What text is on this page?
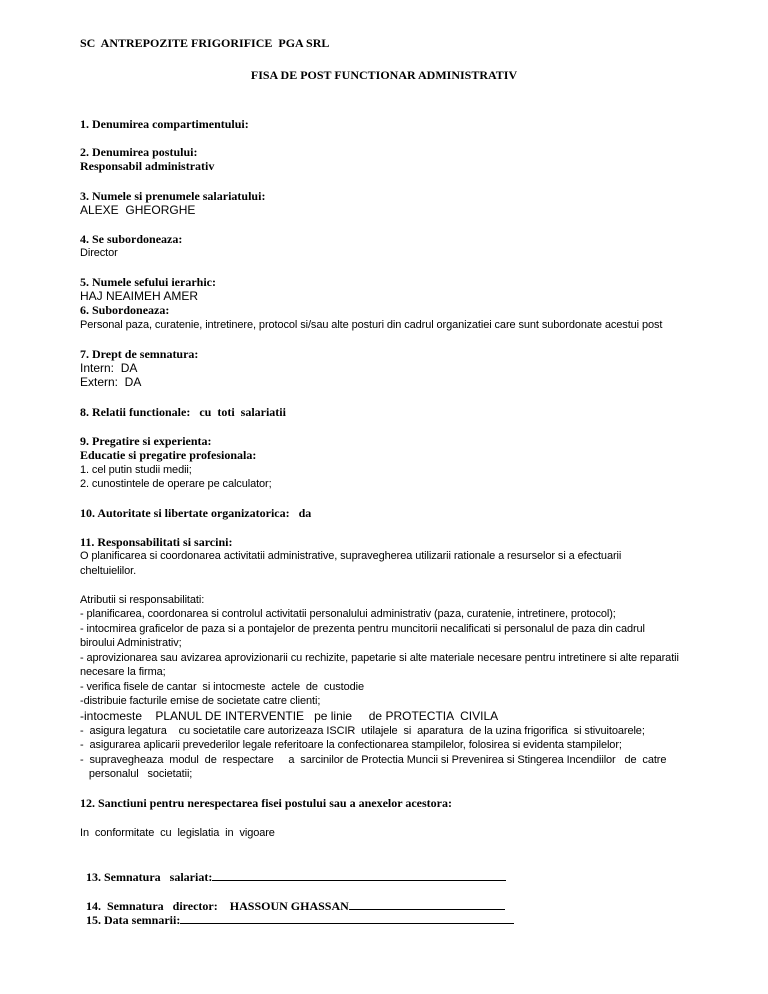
SC  ANTREPOZITE FRIGORIFICE  PGA SRL
FISA DE POST FUNCTIONAR ADMINISTRATIV
1. Denumirea compartimentului:
2. Denumirea postului:
Responsabil administrativ
3. Numele si prenumele salariatului:
ALEXE  GHEORGHE
4. Se subordoneaza:
Director
5. Numele sefului ierarhic:
HAJ NEAIMEH AMER
6. Subordoneaza:
Personal paza, curatenie, intretinere, protocol si/sau alte posturi din cadrul organizatiei care sunt subordonate acestui post
7. Drept de semnatura:
Intern:  DA
Extern:  DA
8. Relatii functionale:   cu  toti  salariatii
9. Pregatire si experienta:
Educatie si pregatire profesionala:
1. cel putin studii medii;
2. cunostintele de operare pe calculator;
10. Autoritate si libertate organizatorica:   da
11. Responsabilitati si sarcini:
O planificarea si coordonarea activitatii administrative, supravegherea utilizarii rationale a resurselor si a efectuarii
cheltuielilor.
Atributii si responsabilitati:
- planificarea, coordonarea si controlul activitatii personalului administrativ (paza, curatenie, intretinere, protocol);
- intocmirea graficelor de paza si a pontajelor de prezenta pentru muncitorii necalificati si personalul de paza din cadrul
biroului Administrativ;
- aprovizionarea sau avizarea aprovizionarii cu rechizite, papetarie si alte materiale necesare pentru intretinere si alte reparatii
necesare la firma;
- verifica fisele de cantar  si intocmeste  actele  de  custodie
-distribuie facturile emise de societate catre clienti;
-intocmeste    PLANUL DE INTERVENTIE   pe linie     de PROTECTIA  CIVILA
-  asigura legatura    cu societatile care autorizeaza ISCIR  utilajele  si  aparatura  de la uzina frigorifica  si stivuitoarele;
-  asigurarea aplicarii prevederilor legale referitoare la confectionarea stampilelor, folosirea si evidenta stampilelor;
-  supravegheaza  modul  de  respectare     a  sarcinilor de Protectia Muncii si Prevenirea si Stingerea Incendiilor   de  catre
personalul   societatii;
12. Sanctiuni pentru nerespectarea fisei postului sau a anexelor acestora:
In  conformitate  cu  legislatia  in  vigoare

13. Semnatura   salariat:

14.  Semnatura   director: HASSOUN GHASSAN

15. Data semnarii:
